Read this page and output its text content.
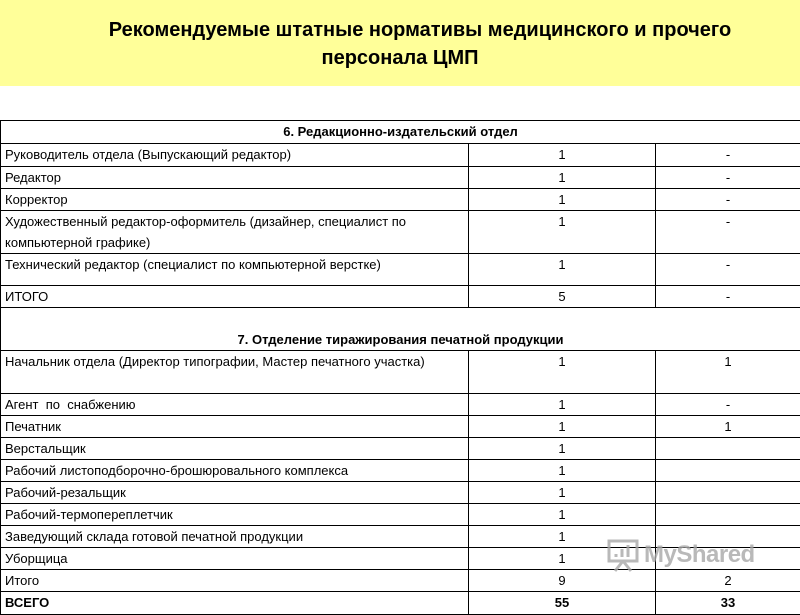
Рекомендуемые штатные нормативы медицинского и прочего
персонала ЦМП
6. Редакционно-издательский отдел		
Руководитель отдела (Выпускающий редактор)	1	-
Редактор	1	-
Корректор	1	-
Художественный редактор-оформитель (дизайнер, специалист по компьютерной графике)	1	-
Технический редактор (специалист по компьютерной верстке)	1	-
ИТОГО	5	-
7. Отделение тиражирования печатной продукции		
Начальник отдела (Директор типографии, Мастер печатного участка)	1	1
Агент  по  снабжению	1	-
Печатник	1	1
Верстальщик	1	
Рабочий листоподборочно-брошюровального комплекса	1	
Рабочий-резальщик	1	
Рабочий-термопереплетчик	1	
Заведующий склада готовой печатной продукции	1	
Уборщица	1	
Итого	9	2
ВСЕГО	55	33
MyShared
